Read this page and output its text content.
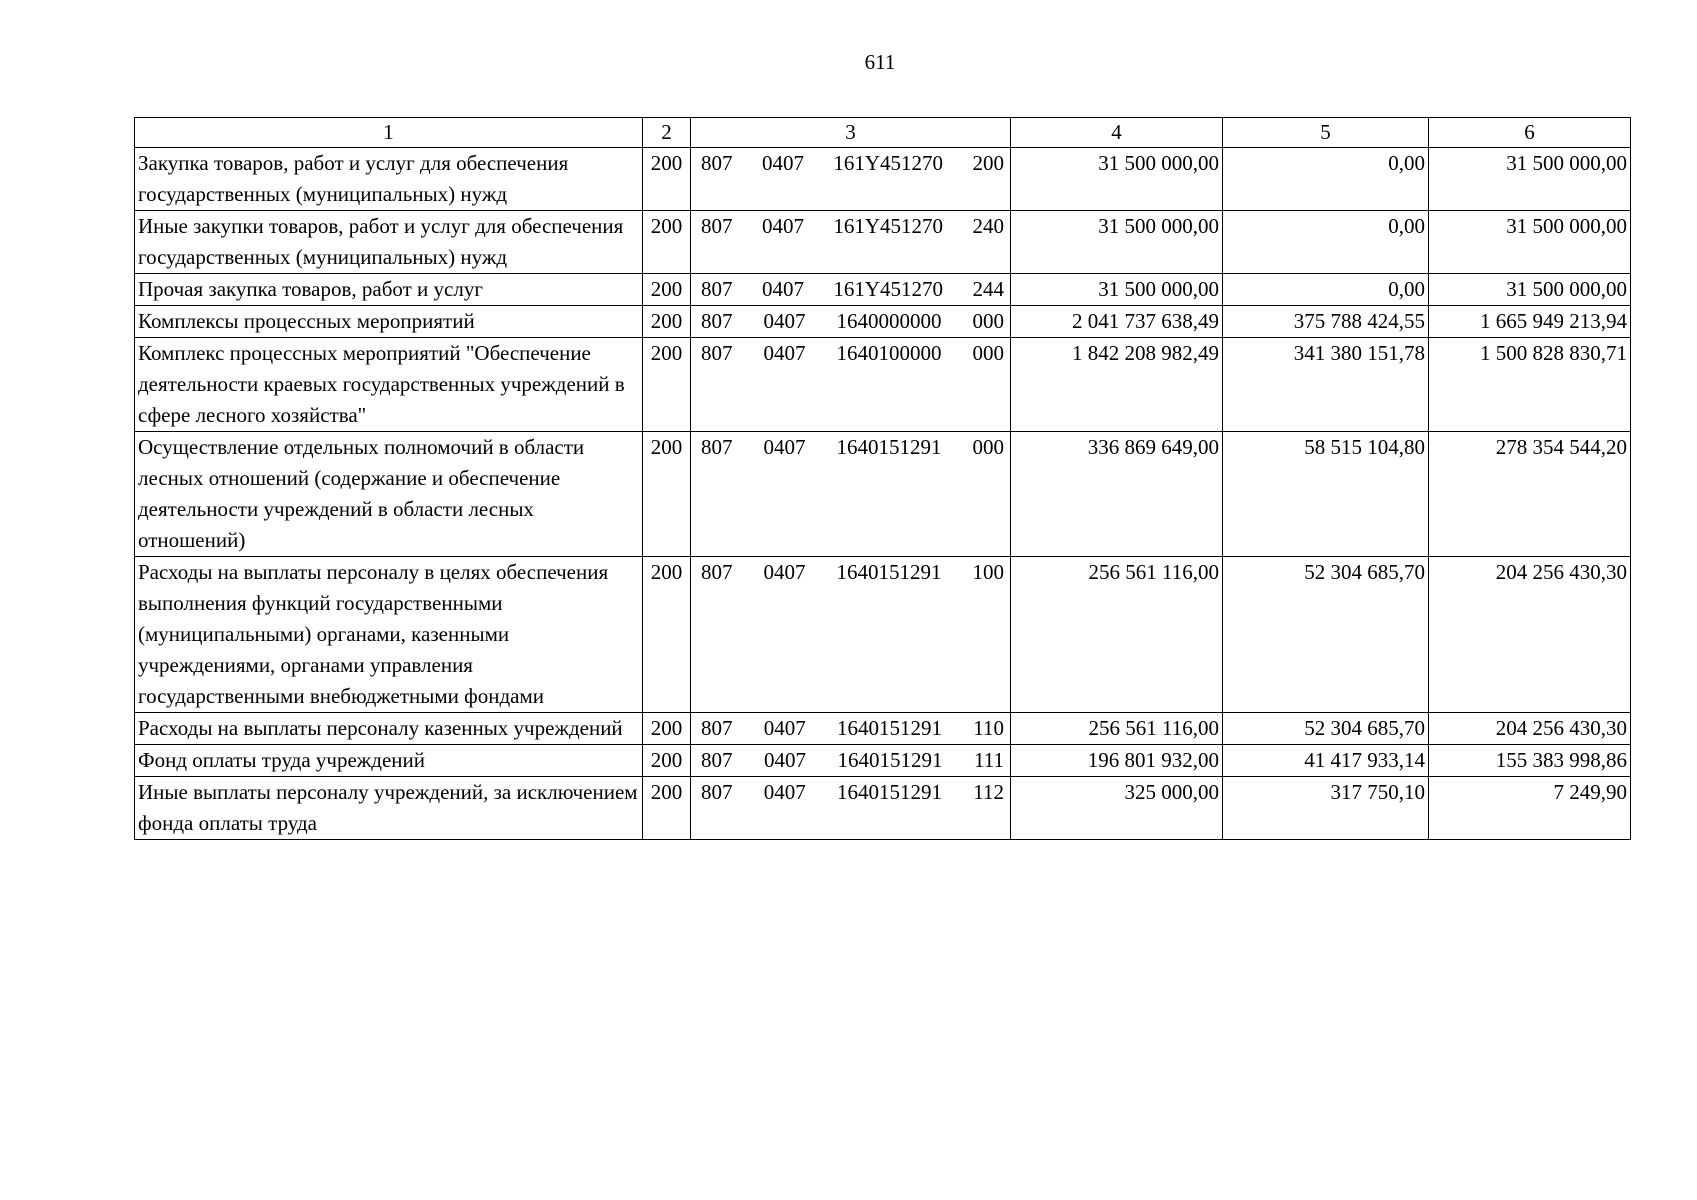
611
1	2	3	4	5	6
Закупка товаров, работ и услуг для обеспечения государственных (муниципальных) нужд	200	807 0407 161Y451270 200	31 500 000,00	0,00	31 500 000,00
Иные закупки товаров, работ и услуг для обеспечения государственных (муниципальных) нужд	200	807 0407 161Y451270 240	31 500 000,00	0,00	31 500 000,00
Прочая закупка товаров, работ и услуг	200	807 0407 161Y451270 244	31 500 000,00	0,00	31 500 000,00
Комплексы процессных мероприятий	200	807 0407 1640000000 000	2 041 737 638,49	375 788 424,55	1 665 949 213,94
Комплекс процессных мероприятий "Обеспечение деятельности краевых государственных учреждений в сфере лесного хозяйства"	200	807 0407 1640100000 000	1 842 208 982,49	341 380 151,78	1 500 828 830,71
Осуществление отдельных полномочий в области лесных отношений (содержание и обеспечение деятельности учреждений в области лесных отношений)	200	807 0407 1640151291 000	336 869 649,00	58 515 104,80	278 354 544,20
Расходы на выплаты персоналу в целях обеспечения выполнения функций государственными (муниципальными) органами, казенными учреждениями, органами управления государственными внебюджетными фондами	200	807 0407 1640151291 100	256 561 116,00	52 304 685,70	204 256 430,30
Расходы на выплаты персоналу казенных учреждений	200	807 0407 1640151291 110	256 561 116,00	52 304 685,70	204 256 430,30
Фонд оплаты труда учреждений	200	807 0407 1640151291 111	196 801 932,00	41 417 933,14	155 383 998,86
Иные выплаты персоналу учреждений, за исключением фонда оплаты труда	200	807 0407 1640151291 112	325 000,00	317 750,10	7 249,90
